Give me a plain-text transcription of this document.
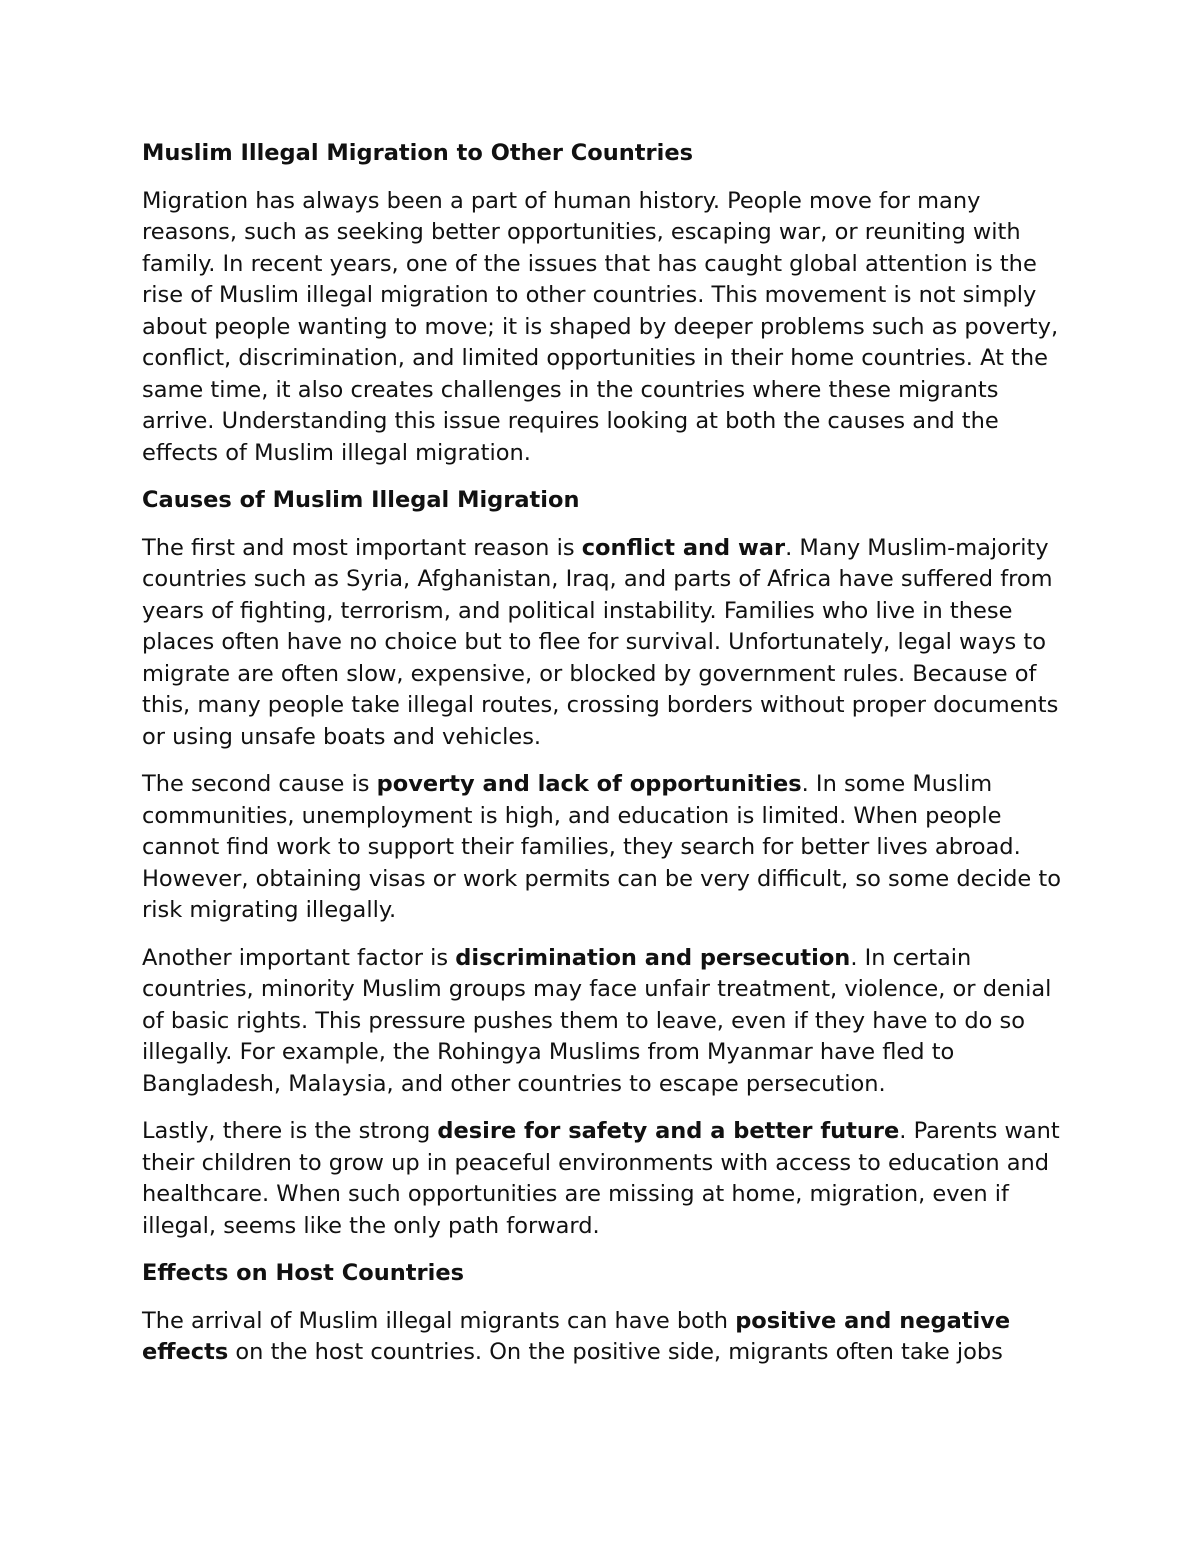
Muslim Illegal Migration to Other Countries

Migration has always been a part of human history. People move for many reasons, such as seeking better opportunities, escaping war, or reuniting with family. In recent years, one of the issues that has caught global attention is the rise of Muslim illegal migration to other countries. This movement is not simply about people wanting to move; it is shaped by deeper problems such as poverty, conflict, discrimination, and limited opportunities in their home countries. At the same time, it also creates challenges in the countries where these migrants arrive. Understanding this issue requires looking at both the causes and the effects of Muslim illegal migration.

Causes of Muslim Illegal Migration

The first and most important reason is conflict and war. Many Muslim-majority countries such as Syria, Afghanistan, Iraq, and parts of Africa have suffered from years of fighting, terrorism, and political instability. Families who live in these places often have no choice but to flee for survival. Unfortunately, legal ways to migrate are often slow, expensive, or blocked by government rules. Because of this, many people take illegal routes, crossing borders without proper documents or using unsafe boats and vehicles.

The second cause is poverty and lack of opportunities. In some Muslim communities, unemployment is high, and education is limited. When people cannot find work to support their families, they search for better lives abroad. However, obtaining visas or work permits can be very difficult, so some decide to risk migrating illegally.

Another important factor is discrimination and persecution. In certain countries, minority Muslim groups may face unfair treatment, violence, or denial of basic rights. This pressure pushes them to leave, even if they have to do so illegally. For example, the Rohingya Muslims from Myanmar have fled to Bangladesh, Malaysia, and other countries to escape persecution.

Lastly, there is the strong desire for safety and a better future. Parents want their children to grow up in peaceful environments with access to education and healthcare. When such opportunities are missing at home, migration, even if illegal, seems like the only path forward.

Effects on Host Countries

The arrival of Muslim illegal migrants can have both positive and negative effects on the host countries. On the positive side, migrants often take jobs
